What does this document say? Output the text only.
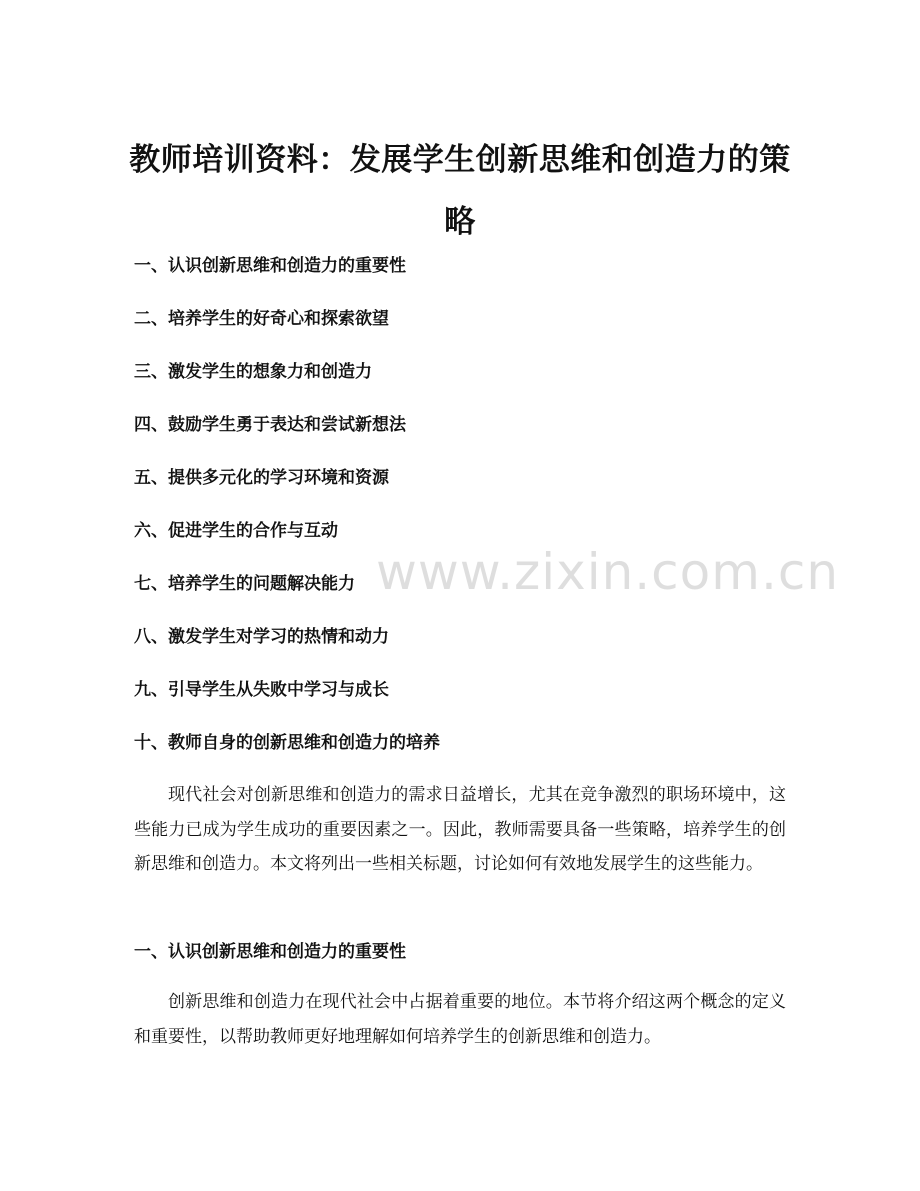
教师培训资料：发展学生创新思维和创造力的策略
一、认识创新思维和创造力的重要性
二、培养学生的好奇心和探索欲望
三、激发学生的想象力和创造力
四、鼓励学生勇于表达和尝试新想法
五、提供多元化的学习环境和资源
六、促进学生的合作与互动
七、培养学生的问题解决能力
八、激发学生对学习的热情和动力
九、引导学生从失败中学习与成长
十、教师自身的创新思维和创造力的培养

现代社会对创新思维和创造力的需求日益增长，尤其在竞争激烈的职场环境中，这些能力已成为学生成功的重要因素之一。因此，教师需要具备一些策略，培养学生的创新思维和创造力。本文将列出一些相关标题，讨论如何有效地发展学生的这些能力。

一、认识创新思维和创造力的重要性

创新思维和创造力在现代社会中占据着重要的地位。本节将介绍这两个概念的定义和重要性，以帮助教师更好地理解如何培养学生的创新思维和创造力。

www.zixin.com.cn
